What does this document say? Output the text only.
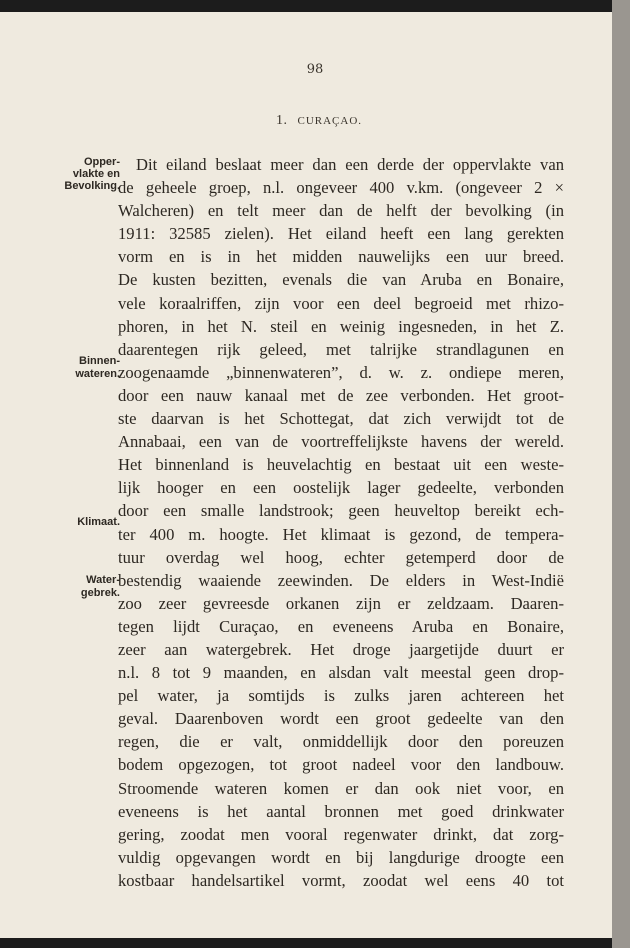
98
1. CURAÇAO.
Opper-
vlakte en
Bevolking.
Binnen-
wateren.
Klimaat.
Water-
gebrek.
Dit eiland beslaat meer dan een derde der oppervlakte van
de geheele groep, n.l. ongeveer 400 v.km. (ongeveer 2 ×
Walcheren) en telt meer dan de helft der bevolking (in
1911: 32585 zielen). Het eiland heeft een lang gerekten
vorm en is in het midden nauwelijks een uur breed.
De kusten bezitten, evenals die van Aruba en Bonaire,
vele koraalriffen, zijn voor een deel begroeid met rhizo-
phoren, in het N. steil en weinig ingesneden, in het Z.
daarentegen rijk geleed, met talrijke strandlagunen en
zoogenaamde „binnenwateren”, d. w. z. ondiepe meren,
door een nauw kanaal met de zee verbonden. Het groot-
ste daarvan is het Schottegat, dat zich verwijdt tot de
Annabaai, een van de voortreffelijkste havens der wereld.
Het binnenland is heuvelachtig en bestaat uit een weste-
lijk hooger en een oostelijk lager gedeelte, verbonden
door een smalle landstrook; geen heuveltop bereikt ech-
ter 400 m. hoogte. Het klimaat is gezond, de tempera-
tuur overdag wel hoog, echter getemperd door de
bestendig waaiende zeewinden. De elders in West-Indië
zoo zeer gevreesde orkanen zijn er zeldzaam. Daaren-
tegen lijdt Curaçao, en eveneens Aruba en Bonaire,
zeer aan watergebrek. Het droge jaargetijde duurt er
n.l. 8 tot 9 maanden, en alsdan valt meestal geen drop-
pel water, ja somtijds is zulks jaren achtereen het
geval. Daarenboven wordt een groot gedeelte van den
regen, die er valt, onmiddellijk door den poreuzen
bodem opgezogen, tot groot nadeel voor den landbouw.
Stroomende wateren komen er dan ook niet voor, en
eveneens is het aantal bronnen met goed drinkwater
gering, zoodat men vooral regenwater drinkt, dat zorg-
vuldig opgevangen wordt en bij langdurige droogte een
kostbaar handelsartikel vormt, zoodat wel eens 40 tot
